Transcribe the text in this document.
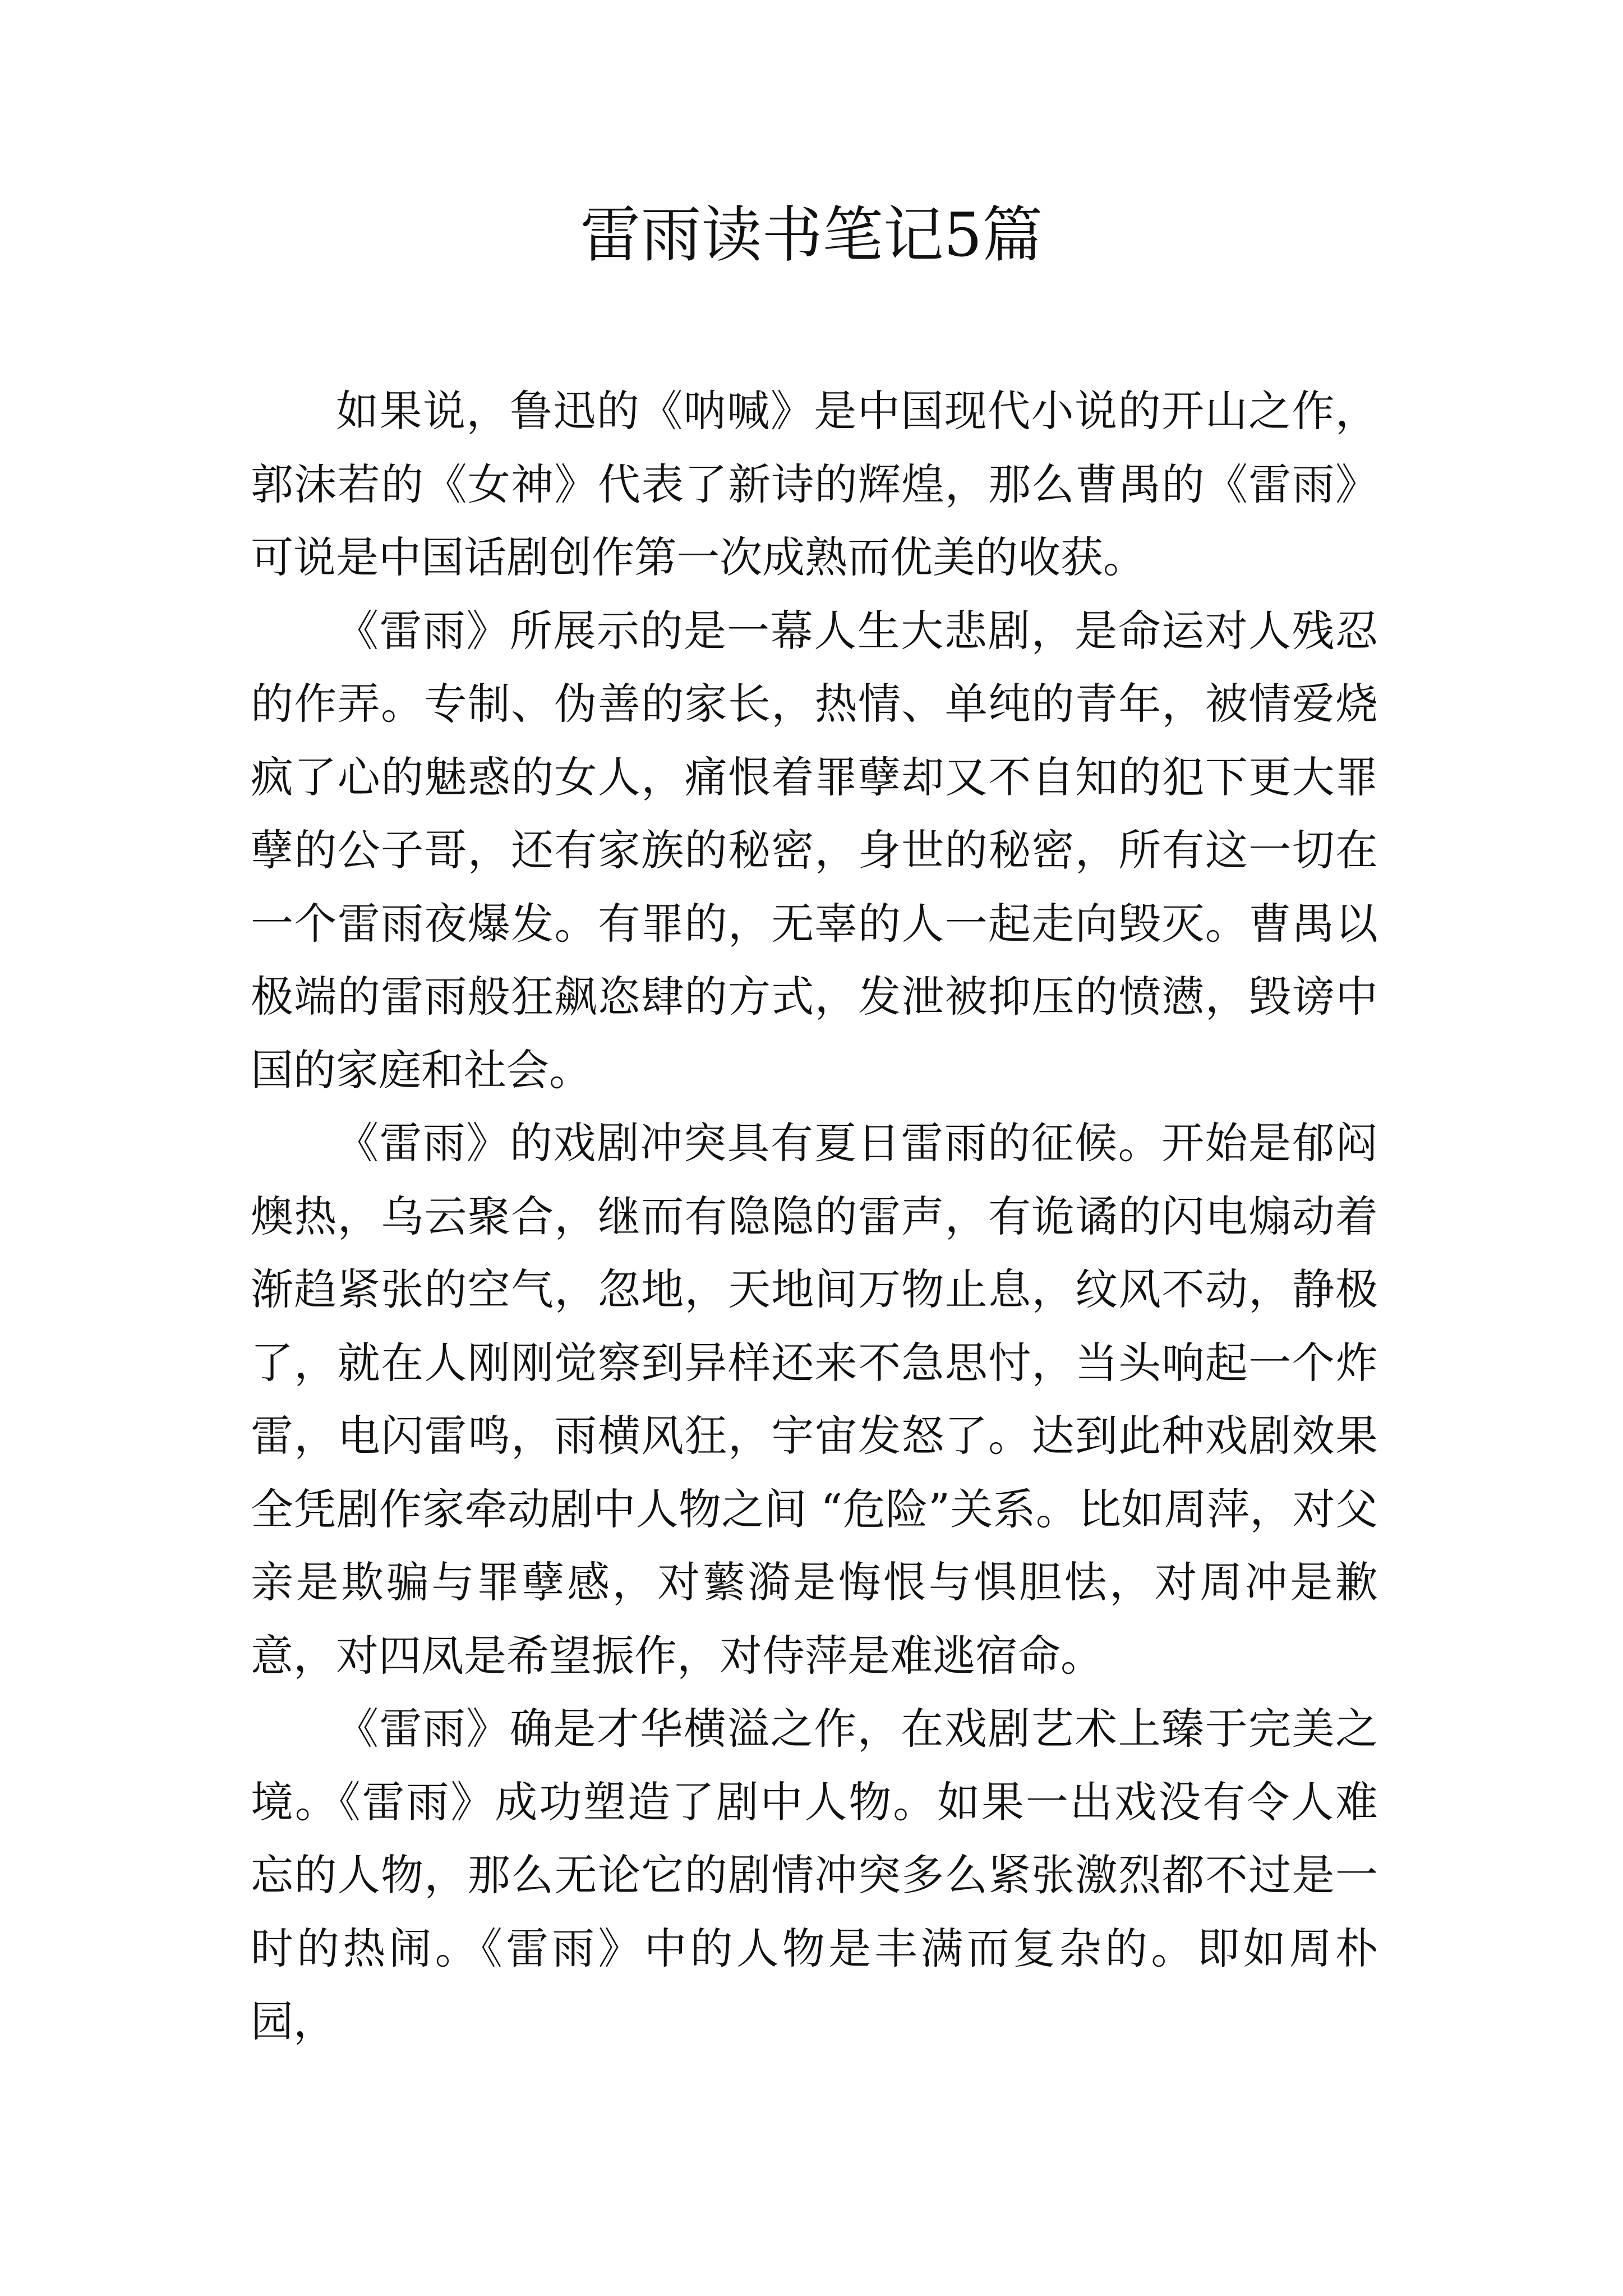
雷雨读书笔记5篇

如果说，鲁迅的《呐喊》是中国现代小说的开山之作，郭沫若的《女神》代表了新诗的辉煌，那么曹禺的《雷雨》可说是中国话剧创作第一次成熟而优美的收获。

《雷雨》所展示的是一幕人生大悲剧，是命运对人残忍的作弄。专制、伪善的家长，热情、单纯的青年，被情爱烧疯了心的魅惑的女人，痛恨着罪孽却又不自知的犯下更大罪孽的公子哥，还有家族的秘密，身世的秘密，所有这一切在一个雷雨夜爆发。有罪的，无辜的人一起走向毁灭。曹禺以极端的雷雨般狂飙恣肆的方式，发泄被抑压的愤懑，毁谤中国的家庭和社会。

《雷雨》的戏剧冲突具有夏日雷雨的征候。开始是郁闷燠热，乌云聚合，继而有隐隐的雷声，有诡谲的闪电煽动着渐趋紧张的空气，忽地，天地间万物止息，纹风不动，静极了，就在人刚刚觉察到异样还来不急思忖，当头响起一个炸雷，电闪雷鸣，雨横风狂，宇宙发怒了。达到此种戏剧效果全凭剧作家牵动剧中人物之间 “危险”关系。比如周萍，对父亲是欺骗与罪孽感，对蘩漪是悔恨与惧胆怯，对周冲是歉意，对四凤是希望振作，对侍萍是难逃宿命。

《雷雨》确是才华横溢之作，在戏剧艺术上臻于完美之境。《雷雨》成功塑造了剧中人物。如果一出戏没有令人难忘的人物，那么无论它的剧情冲突多么紧张激烈都不过是一时的热闹。《雷雨》中的人物是丰满而复杂的。即如周朴园，
